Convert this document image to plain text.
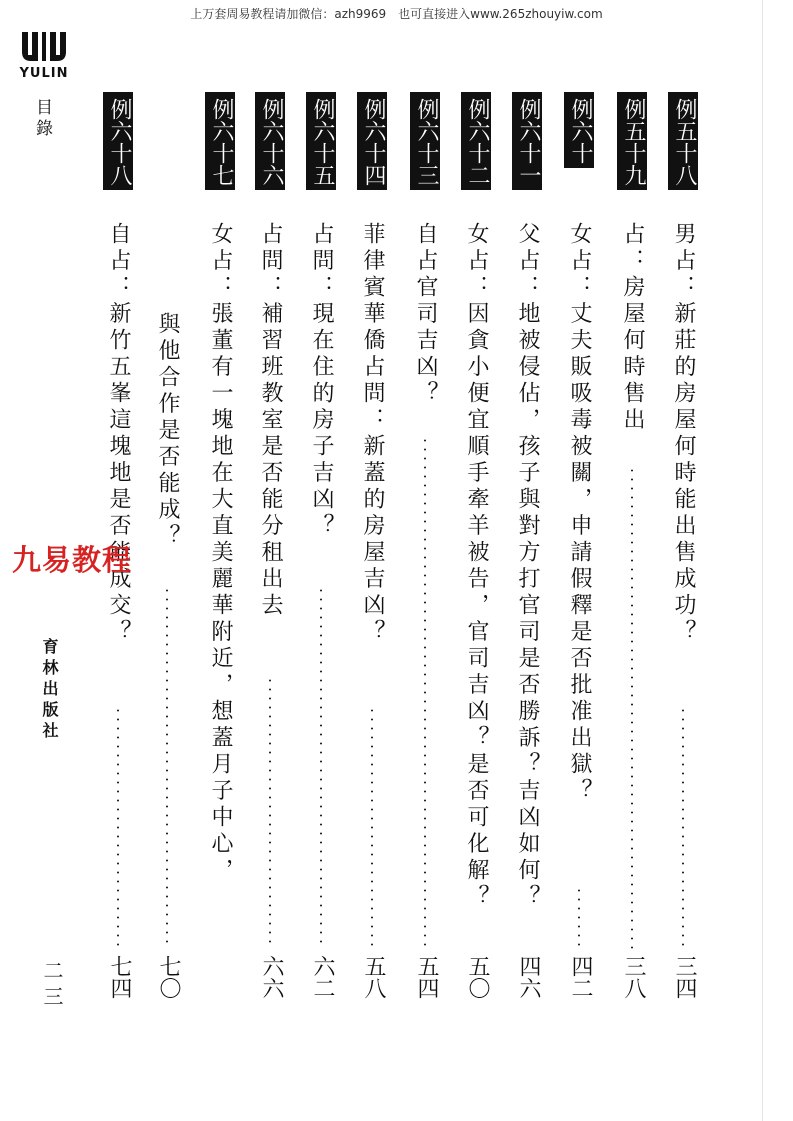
上万套周易教程请加微信：azh9969　也可直接进入www.265zhouyiw.com
YULIN
目錄
育林出版社
二三
例五十八
男占：新莊的房屋何時能出售成功？
三四
例五十九
占：房屋何時售出
三八
例六十
女占：丈夫販吸毒被關，申請假釋是否批准出獄？
四二
例六十一
父占：地被侵佔，孩子與對方打官司是否勝訴？吉凶如何？
四六
例六十二
女占：因貪小便宜順手牽羊被告，官司吉凶？是否可化解？
五〇
例六十三
自占官司吉凶？
五四
例六十四
菲律賓華僑占問：新蓋的房屋吉凶？
五八
例六十五
占問：現在住的房子吉凶？
六二
例六十六
占問：補習班教室是否能分租出去
六六
例六十七
女占：張董有一塊地在大直美麗華附近，想蓋月子中心，
與他合作是否能成？
七〇
例六十八
自占：新竹五峯這塊地是否能成交？
七四
九易教程
